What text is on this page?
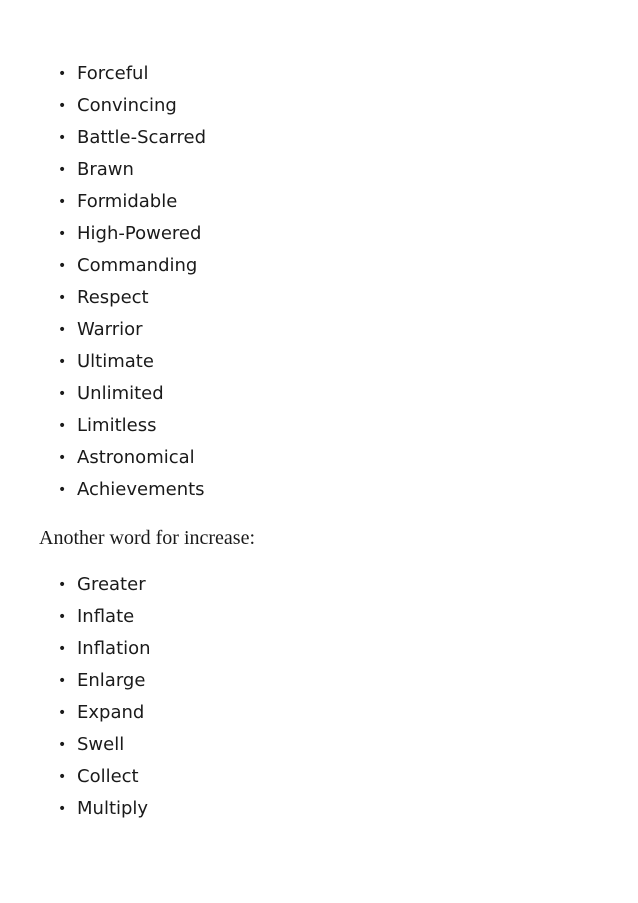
• Forceful
• Convincing
• Battle-Scarred
• Brawn
• Formidable
• High-Powered
• Commanding
• Respect
• Warrior
• Ultimate
• Unlimited
• Limitless
• Astronomical
• Achievements
Another word for increase:
• Greater
• Inflate
• Inflation
• Enlarge
• Expand
• Swell
• Collect
• Multiply
